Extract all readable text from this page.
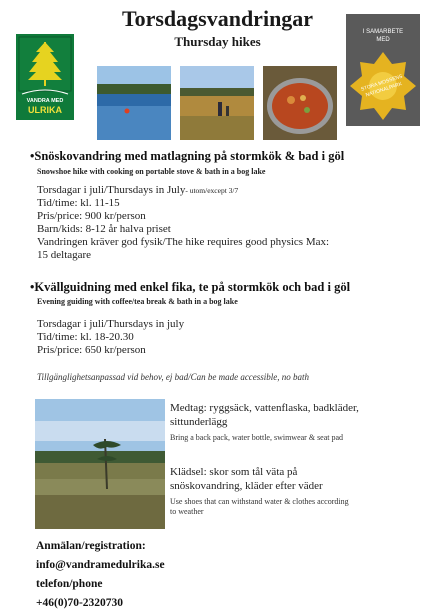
Torsdagsvandringar
Thursday hikes
VANDRA MED
ULRIKA
I SAMARBETE
MED
STORA MOSSENS NATIONALPARK
•Snöskovandring med matlagning på stormkök & bad i göl
Snowshoe hike with cooking on portable stove & bath in a bog lake
Torsdagar i juli/Thursdays in July- utom/except 3/7
Tid/time: kl. 11-15
Pris/price: 900 kr/person
Barn/kids: 8-12 år halva priset
Vandringen kräver god fysik/The hike requires good physics Max:
15 deltagare
•Kvällguidning med enkel fika, te på stormkök och bad i göl
Evening guiding with coffee/tea break & bath in a bog lake
Torsdagar i juli/Thursdays in july
Tid/time: kl. 18-20.30
Pris/price: 650 kr/person
Tillgänglighetsanpassad vid behov, ej bad/Can be made accessible, no bath
Medtag: ryggsäck, vattenflaska, badkläder,
sittunderlägg
Bring a back pack, water bottle, swimwear & seat pad
Klädsel: skor som tål väta på
snöskovandring, kläder efter väder
Use shoes that can withstand water & clothes according
to weather
Anmälan/registration:
info@vandramedulrika.se
telefon/phone
+46(0)70-2320730
